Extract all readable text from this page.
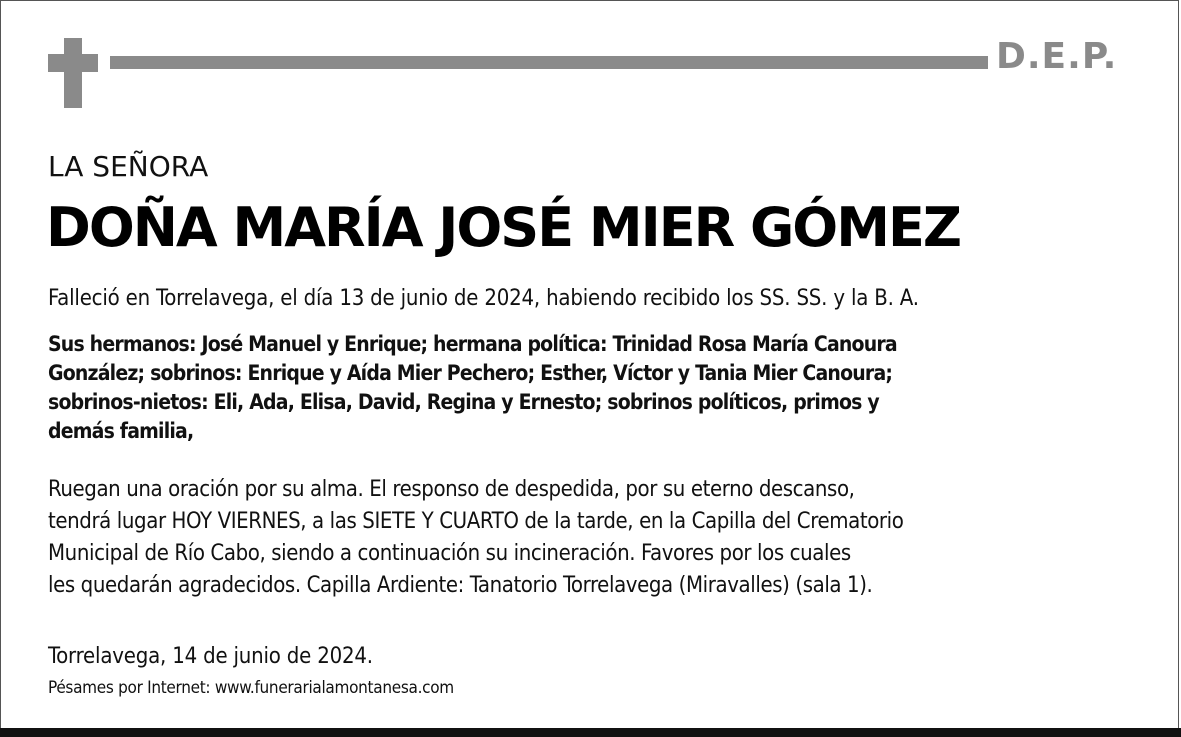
D.E.P.
LA SEÑORA
DOÑA MARÍA JOSÉ MIER GÓMEZ
Falleció en Torrelavega, el día 13 de junio de 2024, habiendo recibido los SS. SS. y la B. A.
Sus hermanos: José Manuel y Enrique; hermana política: Trinidad Rosa María Canoura
González; sobrinos: Enrique y Aída Mier Pechero; Esther, Víctor y Tania Mier Canoura;
sobrinos-nietos: Eli, Ada, Elisa, David, Regina y Ernesto; sobrinos políticos, primos y
demás familia,
Ruegan una oración por su alma. El responso de despedida, por su eterno descanso,
tendrá lugar HOY VIERNES, a las SIETE Y CUARTO de la tarde, en la Capilla del Crematorio
Municipal de Río Cabo, siendo a continuación su incineración. Favores por los cuales
les quedarán agradecidos. Capilla Ardiente: Tanatorio Torrelavega (Miravalles) (sala 1).
Torrelavega, 14 de junio de 2024.
Pésames por Internet: www.funerarialamontanesa.com
